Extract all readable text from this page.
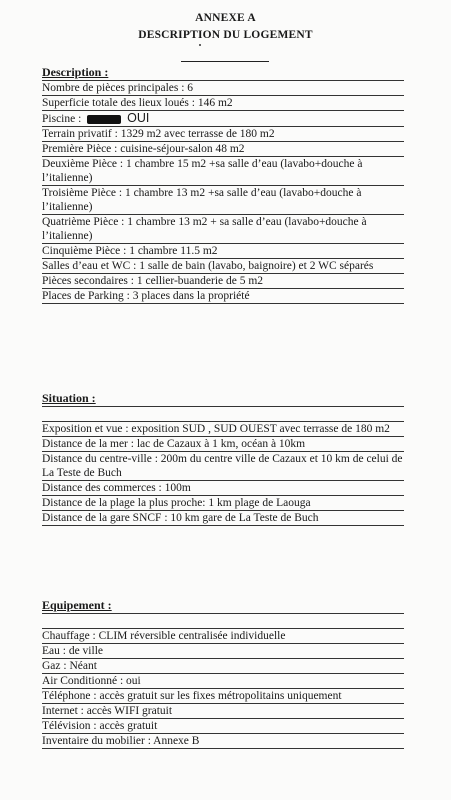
ANNEXE A
DESCRIPTION DU LOGEMENT
Description :
Nombre de pièces principales : 6
Superficie totale des lieux loués : 146 m2
Piscine :	OUI
Terrain privatif : 1329 m2 avec terrasse de 180 m2
Première Pièce : cuisine-séjour-salon 48 m2
Deuxième Pièce : 1 chambre 15 m2 +sa salle d’eau (lavabo+douche à l’italienne)
Troisième Pièce : 1 chambre 13 m2 +sa salle d’eau (lavabo+douche à l’italienne)
Quatrième Pièce : 1 chambre 13 m2 + sa salle d’eau (lavabo+douche à l’italienne)
Cinquième Pièce : 1 chambre 11.5 m2
Salles d’eau et WC : 1 salle de bain (lavabo, baignoire) et 2 WC séparés
Pièces secondaires : 1 cellier-buanderie de 5 m2
Places de Parking : 3 places dans la propriété
Situation :
Exposition et vue : exposition SUD , SUD OUEST avec terrasse de 180 m2
Distance de la mer : lac de Cazaux à 1 km, océan à 10km
Distance du centre-ville : 200m du centre ville de Cazaux et 10 km de celui de La Teste de Buch
Distance des commerces : 100m
Distance de la plage la plus proche: 1 km plage de Laouga
Distance de la gare SNCF : 10 km gare de La Teste de Buch
Equipement :
Chauffage : CLIM réversible centralisée individuelle
Eau : de ville
Gaz : Néant
Air Conditionné : oui
Téléphone : accès gratuit sur les fixes métropolitains uniquement
Internet : accès WIFI gratuit
Télévision : accès gratuit
Inventaire du mobilier : Annexe B
